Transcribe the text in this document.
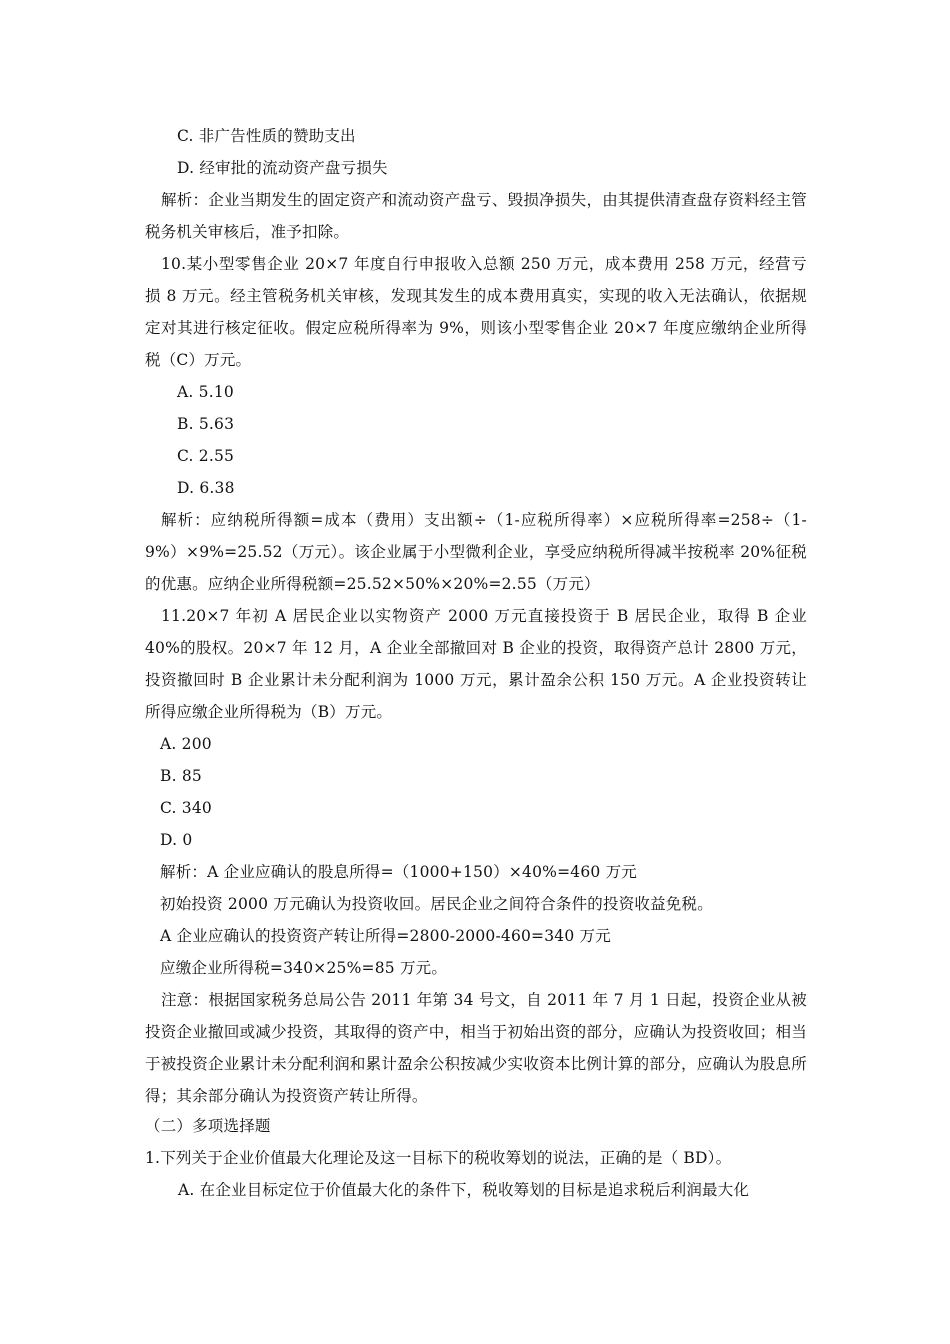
C. 非广告性质的赞助支出
D. 经审批的流动资产盘亏损失
解析：企业当期发生的固定资产和流动资产盘亏、毁损净损失，由其提供清查盘存资料经主管税务机关审核后，准予扣除。
10.某小型零售企业 20×7 年度自行申报收入总额 250 万元，成本费用 258 万元，经营亏损 8 万元。经主管税务机关审核，发现其发生的成本费用真实，实现的收入无法确认，依据规定对其进行核定征收。假定应税所得率为 9%，则该小型零售企业 20×7 年度应缴纳企业所得税（C）万元。
A. 5.10
B. 5.63
C. 2.55
D. 6.38
解析：应纳税所得额=成本（费用）支出额÷（1-应税所得率）×应税所得率=258÷（1-9%）×9%=25.52（万元）。该企业属于小型微利企业，享受应纳税所得减半按税率 20%征税的优惠。应纳企业所得税额=25.52×50%×20%=2.55（万元）
11.20×7 年初 A 居民企业以实物资产 2000 万元直接投资于 B 居民企业，取得 B 企业 40%的股权。20×7 年 12 月，A 企业全部撤回对 B 企业的投资，取得资产总计 2800 万元，投资撤回时 B 企业累计未分配利润为 1000 万元，累计盈余公积 150 万元。A 企业投资转让所得应缴企业所得税为（B）万元。
A. 200
B. 85
C. 340
D. 0
解析：A 企业应确认的股息所得=（1000+150）×40%=460 万元
初始投资 2000 万元确认为投资收回。居民企业之间符合条件的投资收益免税。
A 企业应确认的投资资产转让所得=2800-2000-460=340 万元
应缴企业所得税=340×25%=85 万元。
注意：根据国家税务总局公告 2011 年第 34 号文，自 2011 年 7 月 1 日起，投资企业从被投资企业撤回或减少投资，其取得的资产中，相当于初始出资的部分，应确认为投资收回；相当于被投资企业累计未分配利润和累计盈余公积按减少实收资本比例计算的部分，应确认为股息所得；其余部分确认为投资资产转让所得。
（二）多项选择题
1.下列关于企业价值最大化理论及这一目标下的税收筹划的说法，正确的是（ BD）。
A. 在企业目标定位于价值最大化的条件下，税收筹划的目标是追求税后利润最大化
